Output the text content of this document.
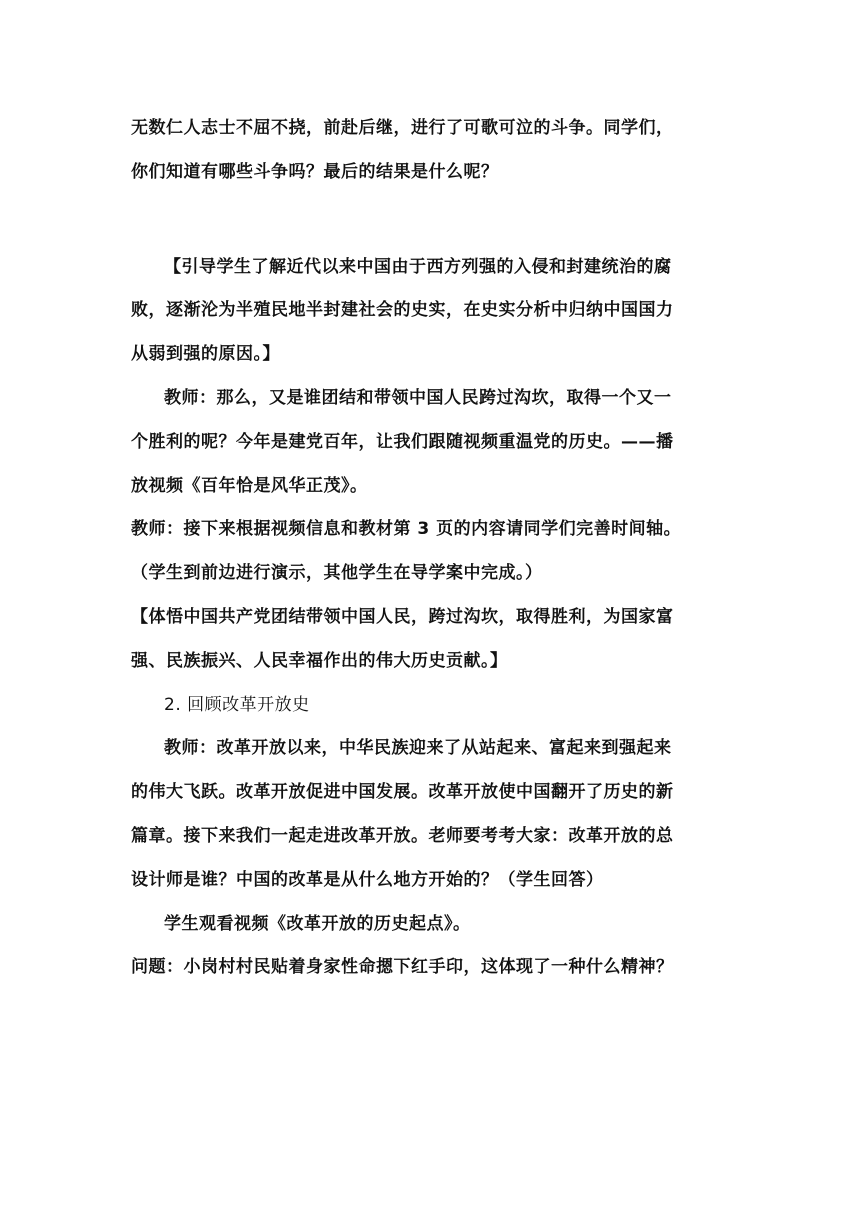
无数仁人志士不屈不挠，前赴后继，进行了可歌可泣的斗争。同学们，
你们知道有哪些斗争吗？最后的结果是什么呢？
【引导学生了解近代以来中国由于西方列强的入侵和封建统治的腐
败，逐渐沦为半殖民地半封建社会的史实，在史实分析中归纳中国国力
从弱到强的原因。】
教师：那么，又是谁团结和带领中国人民跨过沟坎，取得一个又一
个胜利的呢？今年是建党百年，让我们跟随视频重温党的历史。——播
放视频《百年恰是风华正茂》。
教师：接下来根据视频信息和教材第 3 页的内容请同学们完善时间轴。
（学生到前边进行演示，其他学生在导学案中完成。）
【体悟中国共产党团结带领中国人民，跨过沟坎，取得胜利，为国家富
强、民族振兴、人民幸福作出的伟大历史贡献。】
2. 回顾改革开放史
教师：改革开放以来，中华民族迎来了从站起来、富起来到强起来
的伟大飞跃。改革开放促进中国发展。改革开放使中国翻开了历史的新
篇章。接下来我们一起走进改革开放。老师要考考大家：改革开放的总
设计师是谁？中国的改革是从什么地方开始的？（学生回答）
学生观看视频《改革开放的历史起点》。
问题：小岗村村民贴着身家性命摁下红手印，这体现了一种什么精神？
